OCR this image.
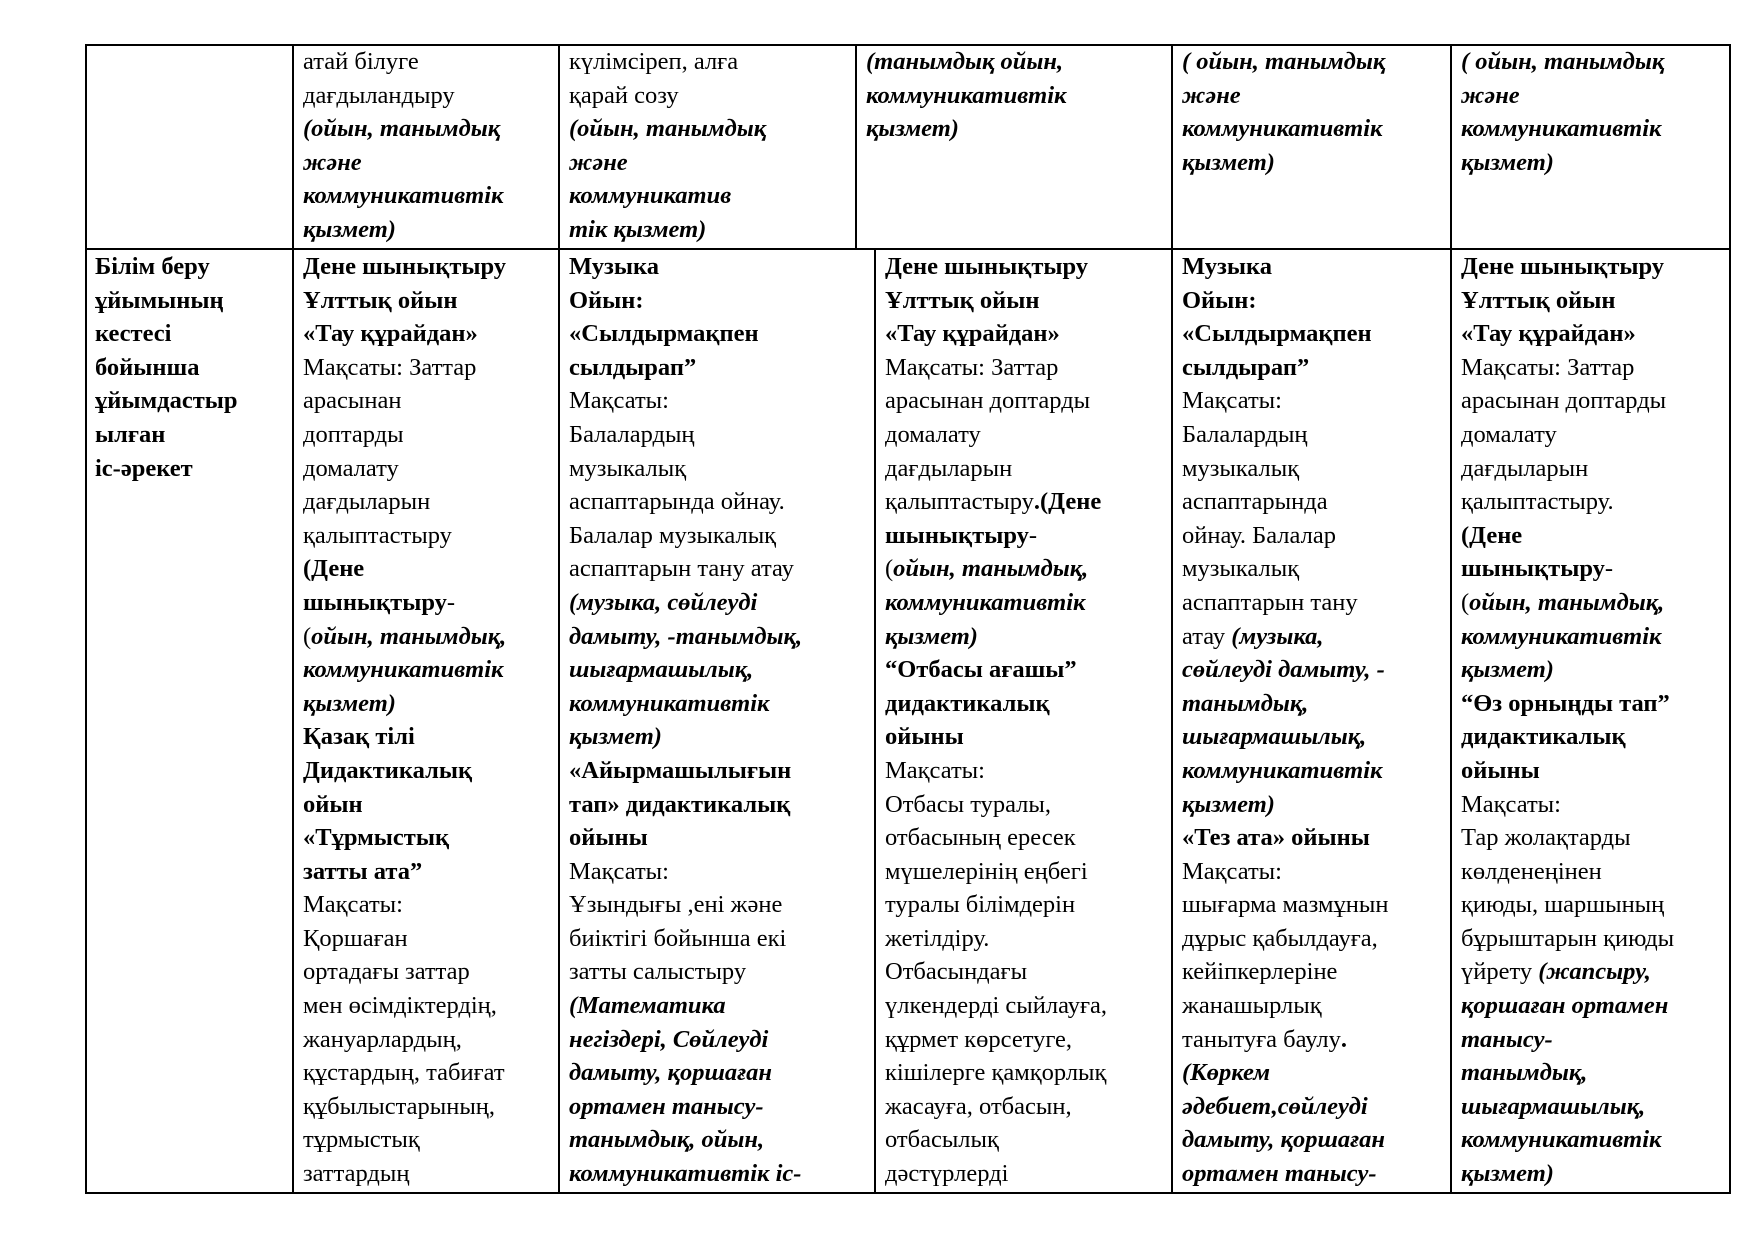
атай білуге
дағдыландыру
(ойын, танымдық
және
коммуникативтік
қызмет)
күлімсіреп, алға
қарай созу
(ойын, танымдық
және
коммуникатив
тік қызмет)
(танымдық ойын,
коммуникативтік
қызмет)
( ойын, танымдық
және
коммуникативтік
қызмет)
( ойын, танымдық
және
коммуникативтік
қызмет)
Білім беру
ұйымының
кестесі
бойынша
ұйымдастыр
ылған
іс-әрекет
Дене шынықтыру
Ұлттық ойын
«Тау құрайдан»
Мақсаты: Заттар
арасынан
доптарды
домалату
дағдыларын
қалыптастыру
(Дене
шынықтыру-
(ойын, танымдық,
коммуникативтік
қызмет)
Қазақ тілі
Дидактикалық
ойын
«Тұрмыстық
затты ата”
Мақсаты:
Қоршаған
ортадағы заттар
мен өсімдіктердің,
жануарлардың,
құстардың, табиғат
құбылыстарының,
тұрмыстық
заттардың
Музыка
Ойын:
«Сылдырмақпен
сылдырап”
Мақсаты:
Балалардың
музыкалық
аспаптарында ойнау.
Балалар музыкалық
аспаптарын тану атау
(музыка, сөйлеуді
дамыту, -танымдық,
шығармашылық,
коммуникативтік
қызмет)
«Айырмашылығын
тап» дидактикалық
ойыны
Мақсаты:
Ұзындығы ,ені және
биіктігі бойынша екі
затты салыстыру
(Математика
негіздері, Сөйлеуді
дамыту, қоршаған
ортамен танысу-
танымдық, ойын,
коммуникативтік іс-
Дене шынықтыру
Ұлттық ойын
«Тау құрайдан»
Мақсаты: Заттар
арасынан доптарды
домалату
дағдыларын
қалыптастыру.(Дене
шынықтыру-
(ойын, танымдық,
коммуникативтік
қызмет)
“Отбасы ағашы”
дидактикалық
ойыны
Мақсаты:
Отбасы туралы,
отбасының ересек
мүшелерінің еңбегі
туралы білімдерін
жетілдіру.
Отбасындағы
үлкендерді сыйлауға,
құрмет көрсетуге,
кішілерге қамқорлық
жасауға, отбасын,
отбасылық
дәстүрлерді
Музыка
Ойын:
«Сылдырмақпен
сылдырап”
Мақсаты:
Балалардың
музыкалық
аспаптарында
ойнау. Балалар
музыкалық
аспаптарын тану
атау (музыка,
сөйлеуді дамыту, -
танымдық,
шығармашылық,
коммуникативтік
қызмет)
«Тез ата» ойыны
Мақсаты:
шығарма мазмұнын
дұрыс қабылдауға,
кейіпкерлеріне
жанашырлық
танытуға баулу.
(Көркем
әдебиет,сөйлеуді
дамыту, қоршаған
ортамен танысу-
Дене шынықтыру
Ұлттық ойын
«Тау құрайдан»
Мақсаты: Заттар
арасынан доптарды
домалату
дағдыларын
қалыптастыру.
(Дене
шынықтыру-
(ойын, танымдық,
коммуникативтік
қызмет)
“Өз орныңды тап”
дидактикалық
ойыны
Мақсаты:
Тар жолақтарды
көлденеңінен
қиюды, шаршының
бұрыштарын қиюды
үйрету (жапсыру,
қоршаған ортамен
танысу-
танымдық,
шығармашылық,
коммуникативтік
қызмет)
